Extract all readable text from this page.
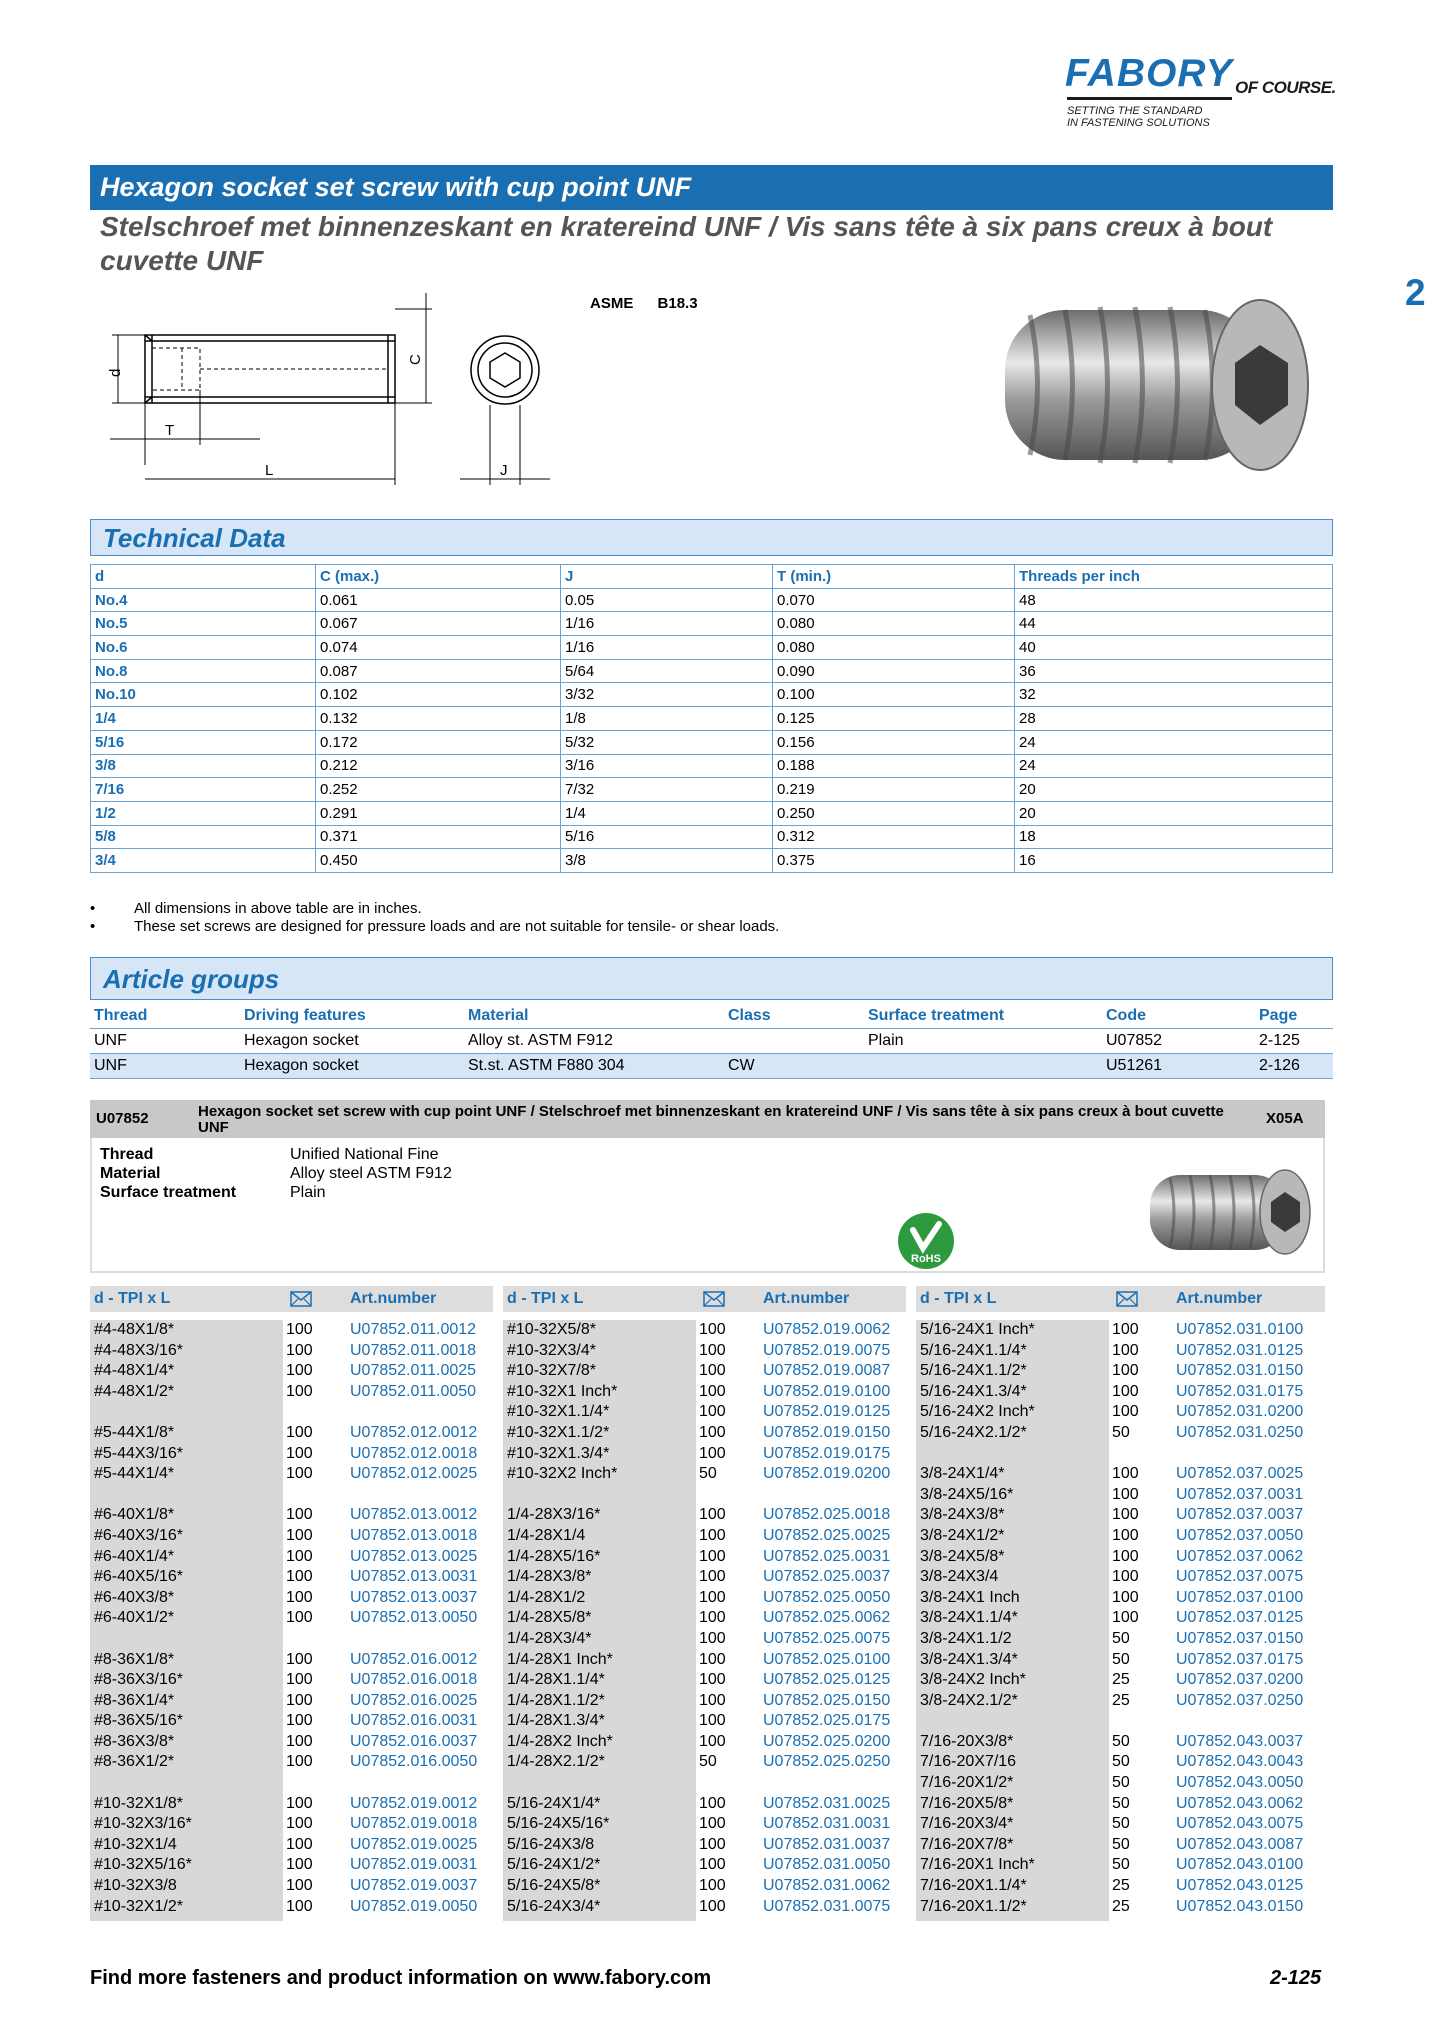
FABORY OF COURSE.
SETTING THE STANDARD
IN FASTENING SOLUTIONS
2
Hexagon socket set screw with cup point UNF
Stelschroef met binnenzeskant en kratereind UNF / Vis sans tête à six pans creux à bout cuvette UNF
d
C
T
L	J
ASME B18.3
Technical Data
d	C (max.)	J	T (min.)	Threads per inch
No.4	0.061	0.05	0.070	48
No.5	0.067	1/16	0.080	44
No.6	0.074	1/16	0.080	40
No.8	0.087	5/64	0.090	36
No.10	0.102	3/32	0.100	32
1/4	0.132	1/8	0.125	28
5/16	0.172	5/32	0.156	24
3/8	0.212	3/16	0.188	24
7/16	0.252	7/32	0.219	20
1/2	0.291	1/4	0.250	20
5/8	0.371	5/16	0.312	18
3/4	0.450	3/8	0.375	16
• All dimensions in above table are in inches.
• These set screws are designed for pressure loads and are not suitable for tensile- or shear loads.
Article groups
Thread	Driving features	Material	Class	Surface treatment	Code	Page
UNF	Hexagon socket	Alloy st. ASTM F912		Plain	U07852	2-125
UNF	Hexagon socket	St.st. ASTM F880 304	CW		U51261	2-126
U07852	Hexagon socket set screw with cup point UNF / Stelschroef met binnenzeskant en kratereind UNF / Vis sans tête à six pans creux à bout cuvette UNF
X05A
Thread	Unified National Fine
Material	Alloy steel ASTM F912
Surface treatment	Plain
RoHS
d - TPI x L	Art.number
#4-48X1/8*	100 U07852.011.0012
#4-48X3/16*	100 U07852.011.0018
#4-48X1/4*	100 U07852.011.0025
#4-48X1/2*	100 U07852.011.0050
#5-44X1/8*	100 U07852.012.0012
#5-44X3/16*	100 U07852.012.0018
#5-44X1/4*	100 U07852.012.0025
#6-40X1/8*	100 U07852.013.0012
#6-40X3/16*	100 U07852.013.0018
#6-40X1/4*	100 U07852.013.0025
#6-40X5/16*	100 U07852.013.0031
#6-40X3/8*	100 U07852.013.0037
#6-40X1/2*	100 U07852.013.0050
#8-36X1/8*	100 U07852.016.0012
#8-36X3/16*	100 U07852.016.0018
#8-36X1/4*	100 U07852.016.0025
#8-36X5/16*	100 U07852.016.0031
#8-36X3/8*	100 U07852.016.0037
#8-36X1/2*	100 U07852.016.0050
#10-32X1/8*	100 U07852.019.0012
#10-32X3/16*	100 U07852.019.0018
#10-32X1/4	100 U07852.019.0025
#10-32X5/16*	100 U07852.019.0031
#10-32X3/8	100 U07852.019.0037
#10-32X1/2*	100 U07852.019.0050
d - TPI x L	Art.number
#10-32X5/8*	100 U07852.019.0062
#10-32X3/4*	100 U07852.019.0075
#10-32X7/8*	100 U07852.019.0087
#10-32X1 Inch*	100 U07852.019.0100
#10-32X1.1/4*	100 U07852.019.0125
#10-32X1.1/2*	100 U07852.019.0150
#10-32X1.3/4*	100 U07852.019.0175
#10-32X2 Inch*	50	U07852.019.0200
1/4-28X3/16*	100 U07852.025.0018
1/4-28X1/4	100 U07852.025.0025
1/4-28X5/16*	100 U07852.025.0031
1/4-28X3/8*	100 U07852.025.0037
1/4-28X1/2	100 U07852.025.0050
1/4-28X5/8*	100 U07852.025.0062
1/4-28X3/4*	100 U07852.025.0075
1/4-28X1 Inch*	100 U07852.025.0100
1/4-28X1.1/4*	100 U07852.025.0125
1/4-28X1.1/2*	100 U07852.025.0150
1/4-28X1.3/4*	100 U07852.025.0175
1/4-28X2 Inch*	100 U07852.025.0200
1/4-28X2.1/2*	50	U07852.025.0250
5/16-24X1/4*	100 U07852.031.0025
5/16-24X5/16*	100 U07852.031.0031
5/16-24X3/8	100 U07852.031.0037
5/16-24X1/2*	100 U07852.031.0050
5/16-24X5/8*	100 U07852.031.0062
5/16-24X3/4*	100 U07852.031.0075
d - TPI x L	Art.number
5/16-24X1 Inch*	100 U07852.031.0100
5/16-24X1.1/4*	100 U07852.031.0125
5/16-24X1.1/2*	100 U07852.031.0150
5/16-24X1.3/4*	100 U07852.031.0175
5/16-24X2 Inch*	100 U07852.031.0200
5/16-24X2.1/2*	50	U07852.031.0250
3/8-24X1/4*	100 U07852.037.0025
3/8-24X5/16*	100 U07852.037.0031
3/8-24X3/8*	100 U07852.037.0037
3/8-24X1/2*	100 U07852.037.0050
3/8-24X5/8*	100 U07852.037.0062
3/8-24X3/4	100 U07852.037.0075
3/8-24X1 Inch	100 U07852.037.0100
3/8-24X1.1/4*	100 U07852.037.0125
3/8-24X1.1/2	50	U07852.037.0150
3/8-24X1.3/4*	50	U07852.037.0175
3/8-24X2 Inch*	25	U07852.037.0200
3/8-24X2.1/2*	25	U07852.037.0250
7/16-20X3/8*	50	U07852.043.0037
7/16-20X7/16	50	U07852.043.0043
7/16-20X1/2*	50	U07852.043.0050
7/16-20X5/8*	50	U07852.043.0062
7/16-20X3/4*	50	U07852.043.0075
7/16-20X7/8*	50	U07852.043.0087
7/16-20X1 Inch*	50	U07852.043.0100
7/16-20X1.1/4*	25	U07852.043.0125
7/16-20X1.1/2*	25	U07852.043.0150
Find more fasteners and product information on www.fabory.com	2-125
